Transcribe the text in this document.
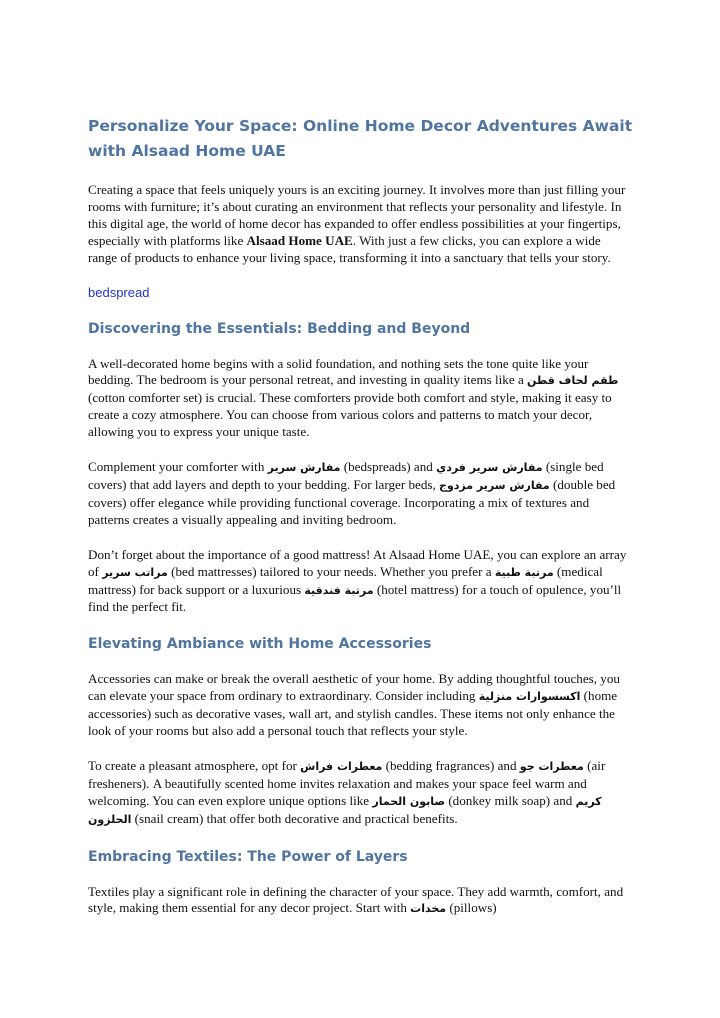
Personalize Your Space: Online Home Decor Adventures Await with Alsaad Home UAE

Creating a space that feels uniquely yours is an exciting journey. It involves more than just filling your rooms with furniture; it’s about curating an environment that reflects your personality and lifestyle. In this digital age, the world of home decor has expanded to offer endless possibilities at your fingertips, especially with platforms like Alsaad Home UAE. With just a few clicks, you can explore a wide range of products to enhance your living space, transforming it into a sanctuary that tells your story.

bedspread
Discovering the Essentials: Bedding and Beyond

A well-decorated home begins with a solid foundation, and nothing sets the tone quite like your bedding. The bedroom is your personal retreat, and investing in quality items like a طقم لحاف قطن (cotton comforter set) is crucial. These comforters provide both comfort and style, making it easy to create a cozy atmosphere. You can choose from various colors and patterns to match your decor, allowing you to express your unique taste.

Complement your comforter with مفارش سرير (bedspreads) and مفارش سرير فردي (single bed covers) that add layers and depth to your bedding. For larger beds, مفارش سرير مزدوج (double bed covers) offer elegance while providing functional coverage. Incorporating a mix of textures and patterns creates a visually appealing and inviting bedroom.

Don’t forget about the importance of a good mattress! At Alsaad Home UAE, you can explore an array of مراتب سرير (bed mattresses) tailored to your needs. Whether you prefer a مرتبة طبية (medical mattress) for back support or a luxurious مرتبة فندقية (hotel mattress) for a touch of opulence, you’ll find the perfect fit.

Elevating Ambiance with Home Accessories

Accessories can make or break the overall aesthetic of your home. By adding thoughtful touches, you can elevate your space from ordinary to extraordinary. Consider including اكسسوارات منزلية (home accessories) such as decorative vases, wall art, and stylish candles. These items not only enhance the look of your rooms but also add a personal touch that reflects your style.

To create a pleasant atmosphere, opt for معطرات فراش (bedding fragrances) and معطرات جو (air fresheners). A beautifully scented home invites relaxation and makes your space feel warm and welcoming. You can even explore unique options like صابون الحمار (donkey milk soap) and كريم الحلزون (snail cream) that offer both decorative and practical benefits.

Embracing Textiles: The Power of Layers

Textiles play a significant role in defining the character of your space. They add warmth, comfort, and style, making them essential for any decor project. Start with مخدات (pillows)
